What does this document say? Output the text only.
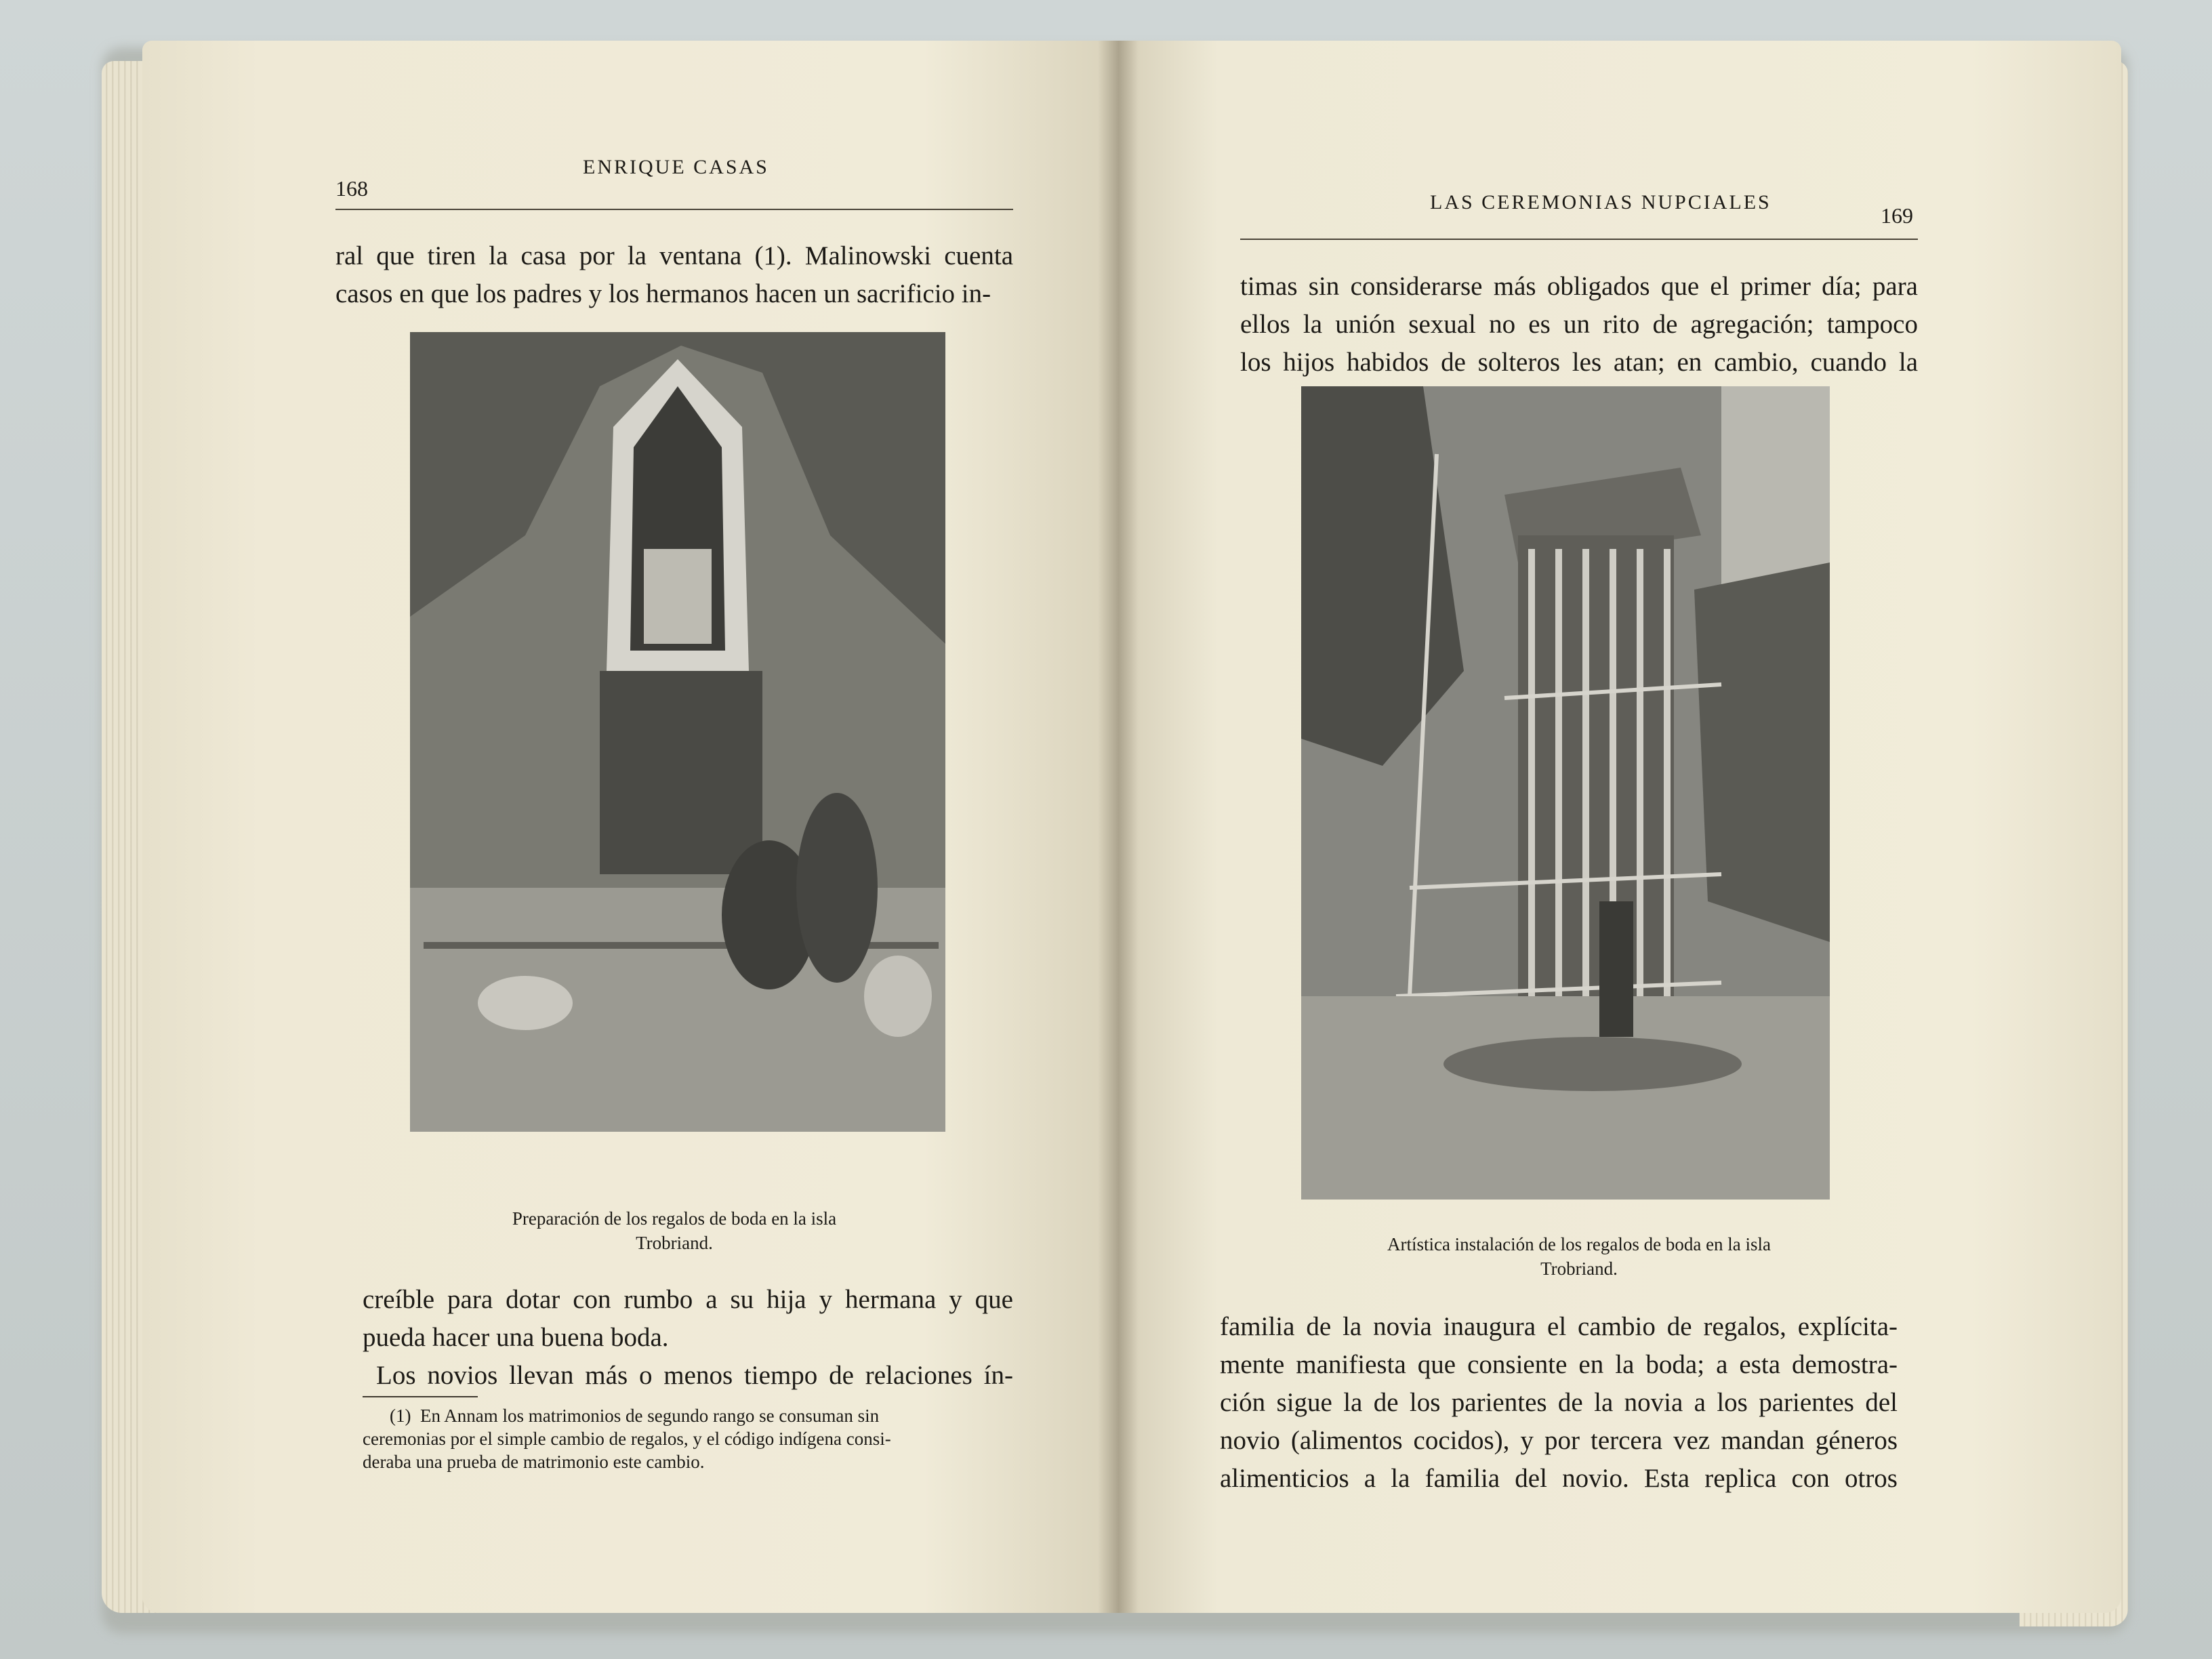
168
ENRIQUE CASAS

ral que tiren la casa por la ventana (1). Malinowski cuenta

casos en que los padres y los hermanos hacen un sacrificio in-

Preparación de los regalos de boda en la isla
Trobriand.

creíble para dotar con rumbo a su hija y hermana y que

pueda hacer una buena boda.

Los novios llevan más o menos tiempo de relaciones ín-

(1) En Annam los matrimonios de segundo rango se consuman sin
ceremonias por el simple cambio de regalos, y el código indígena consi-
deraba una prueba de matrimonio este cambio.
LAS CEREMONIAS NUPCIALES
169

timas sin considerarse más obligados que el primer día; para

ellos la unión sexual no es un rito de agregación; tampoco

los hijos habidos de solteros les atan; en cambio, cuando la

Artística instalación de los regalos de boda en la isla
Trobriand.

familia de la novia inaugura el cambio de regalos, explícita-

mente manifiesta que consiente en la boda; a esta demostra-

ción sigue la de los parientes de la novia a los parientes del

novio (alimentos cocidos), y por tercera vez mandan géneros

alimenticios a la familia del novio. Esta replica con otros
